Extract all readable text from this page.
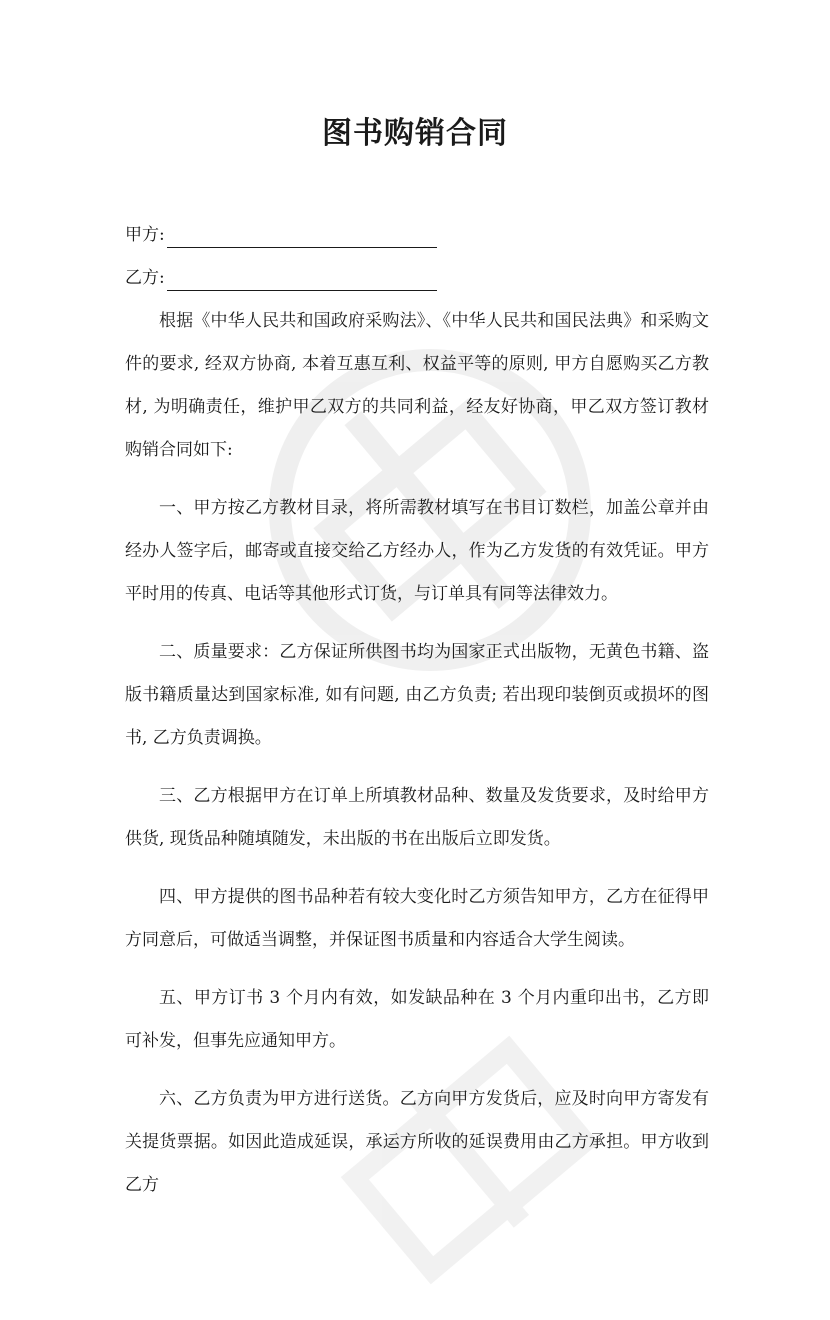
图书购销合同
甲方:
乙方:

根据《中华人民共和国政府采购法》、《中华人民共和国民法典》和采购文件的要求, 经双方协商, 本着互惠互利、权益平等的原则, 甲方自愿购买乙方教材, 为明确责任，维护甲乙双方的共同利益，经友好协商，甲乙双方签订教材购销合同如下:

一、甲方按乙方教材目录，将所需教材填写在书目订数栏，加盖公章并由经办人签字后，邮寄或直接交给乙方经办人，作为乙方发货的有效凭证。甲方平时用的传真、电话等其他形式订货，与订单具有同等法律效力。

二、质量要求：乙方保证所供图书均为国家正式出版物，无黄色书籍、盗版书籍质量达到国家标准, 如有问题, 由乙方负责; 若出现印装倒页或损坏的图书, 乙方负责调换。

三、乙方根据甲方在订单上所填教材品种、数量及发货要求，及时给甲方供货, 现货品种随填随发，未出版的书在出版后立即发货。

四、甲方提供的图书品种若有较大变化时乙方须告知甲方，乙方在征得甲方同意后，可做适当调整，并保证图书质量和内容适合大学生阅读。

五、甲方订书 3 个月内有效，如发缺品种在 3 个月内重印出书，乙方即可补发，但事先应通知甲方。

六、乙方负责为甲方进行送货。乙方向甲方发货后，应及时向甲方寄发有关提货票据。如因此造成延误，承运方所收的延误费用由乙方承担。甲方收到乙方
